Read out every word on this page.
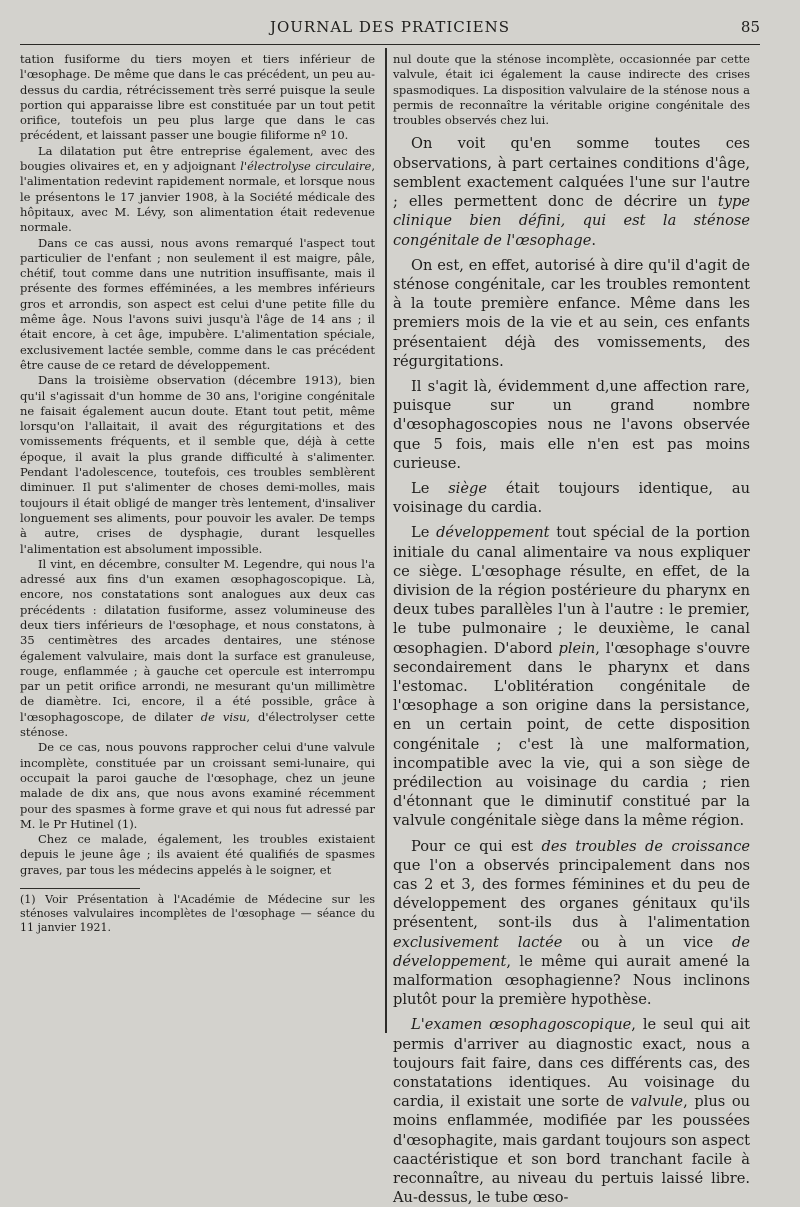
JOURNAL DES PRATICIENS	85

tation fusiforme du tiers moyen et tiers inférieur de l'œsophage. De même que dans le cas précédent, un peu au-dessus du cardia, rétrécissement très serré puisque la seule portion qui apparaisse libre est constituée par un tout petit orifice, toutefois un peu plus large que dans le cas précédent, et laissant passer une bougie filiforme nº 10.

La dilatation put être entreprise également, avec des bougies olivaires et, en y adjoignant l'électrolyse circulaire, l'alimentation redevint rapidement normale, et lorsque nous le présentons le 17 janvier 1908, à la Société médicale des hôpitaux, avec M. Lévy, son alimentation était redevenue normale.

Dans ce cas aussi, nous avons remarqué l'aspect tout particulier de l'enfant ; non seulement il est maigre, pâle, chétif, tout comme dans une nutrition insuffisante, mais il présente des formes efféminées, a les membres inférieurs gros et arrondis, son aspect est celui d'une petite fille du même âge. Nous l'avons suivi jusqu'à l'âge de 14 ans ; il était encore, à cet âge, impubère. L'alimentation spéciale, exclusivement lactée semble, comme dans le cas précédent être cause de ce retard de développement.

Dans la troisième observation (décembre 1913), bien qu'il s'agissait d'un homme de 30 ans, l'origine congénitale ne faisait également aucun doute. Etant tout petit, même lorsqu'on l'allaitait, il avait des régurgitations et des vomissements fréquents, et il semble que, déjà à cette époque, il avait la plus grande difficulté à s'alimenter. Pendant l'adolescence, toutefois, ces troubles semblèrent diminuer. Il put s'alimenter de choses demi-molles, mais toujours il était obligé de manger très lentement, d'insaliver longuement ses aliments, pour pouvoir les avaler. De temps à autre, crises de dysphagie, durant lesquelles l'alimentation est absolument impossible.

Il vint, en décembre, consulter M. Legendre, qui nous l'a adressé aux fins d'un examen œsophagoscopique. Là, encore, nos constatations sont analogues aux deux cas précédents : dilatation fusiforme, assez volumineuse des deux tiers inférieurs de l'œsophage, et nous constatons, à 35 centimètres des arcades dentaires, une sténose également valvulaire, mais dont la surface est granuleuse, rouge, enflammée ; à gauche cet opercule est interrompu par un petit orifice arrondi, ne mesurant qu'un millimètre de diamètre. Ici, encore, il a été possible, grâce à l'œsophagoscope, de dilater de visu, d'électrolyser cette sténose.

De ce cas, nous pouvons rapprocher celui d'une valvule incomplète, constituée par un croissant semi-lunaire, qui occupait la paroi gauche de l'œsophage, chez un jeune malade de dix ans, que nous avons examiné récemment pour des spasmes à forme grave et qui nous fut adressé par M. le Pr Hutinel (1).

Chez ce malade, également, les troubles existaient depuis le jeune âge ; ils avaient été qualifiés de spasmes graves, par tous les médecins appelés à le soigner, et

(1) Voir Présentation à l'Académie de Médecine sur les sténoses valvulaires incomplètes de l'œsophage — séance du 11 janvier 1921.

nul doute que la sténose incomplète, occasionnée par cette valvule, était ici également la cause indirecte des crises spasmodiques. La disposition valvulaire de la sténose nous a permis de reconnaître la véritable origine congénitale des troubles observés chez lui.

On voit qu'en somme toutes ces observations, à part certaines conditions d'âge, semblent exactement calquées l'une sur l'autre ; elles permettent donc de décrire un type clinique bien défini, qui est la sténose congénitale de l'œsophage.

On est, en effet, autorisé à dire qu'il d'agit de sténose congénitale, car les troubles remontent à la toute première enfance. Même dans les premiers mois de la vie et au sein, ces enfants présentaient déjà des vomissements, des régurgitations.

Il s'agit là, évidemment d,une affection rare, puisque sur un grand nombre d'œsophagoscopies nous ne l'avons observée que 5 fois, mais elle n'en est pas moins curieuse.

Le siège était toujours identique, au voisinage du cardia.

Le développement tout spécial de la portion initiale du canal alimentaire va nous expliquer ce siège. L'œsophage résulte, en effet, de la division de la région postérieure du pharynx en deux tubes parallèles l'un à l'autre : le premier, le tube pulmonaire ; le deuxième, le canal œsophagien. D'abord plein, l'œsophage s'ouvre secondairement dans le pharynx et dans l'estomac. L'oblitération congénitale de l'œsophage a son origine dans la persistance, en un certain point, de cette disposition congénitale ; c'est là une malformation, incompatible avec la vie, qui a son siège de prédilection au voisinage du cardia ; rien d'étonnant que le diminutif constitué par la valvule congénitale siège dans la même région.

Pour ce qui est des troubles de croissance que l'on a observés principalement dans nos cas 2 et 3, des formes féminines et du peu de développement des organes génitaux qu'ils présentent, sont-ils dus à l'alimentation exclusivement lactée ou à un vice de développement, le même qui aurait amené la malformation œsophagienne? Nous inclinons plutôt pour la première hypothèse.

L'examen œsophagoscopique, le seul qui ait permis d'arriver au diagnostic exact, nous a toujours fait faire, dans ces différents cas, des constatations identiques. Au voisinage du cardia, il existait une sorte de valvule, plus ou moins enflammée, modifiée par les poussées d'œsophagite, mais gardant toujours son aspect caactéristique et son bord tranchant facile à reconnaître, au niveau du pertuis laissé libre. Au-dessus, le tube œso-
